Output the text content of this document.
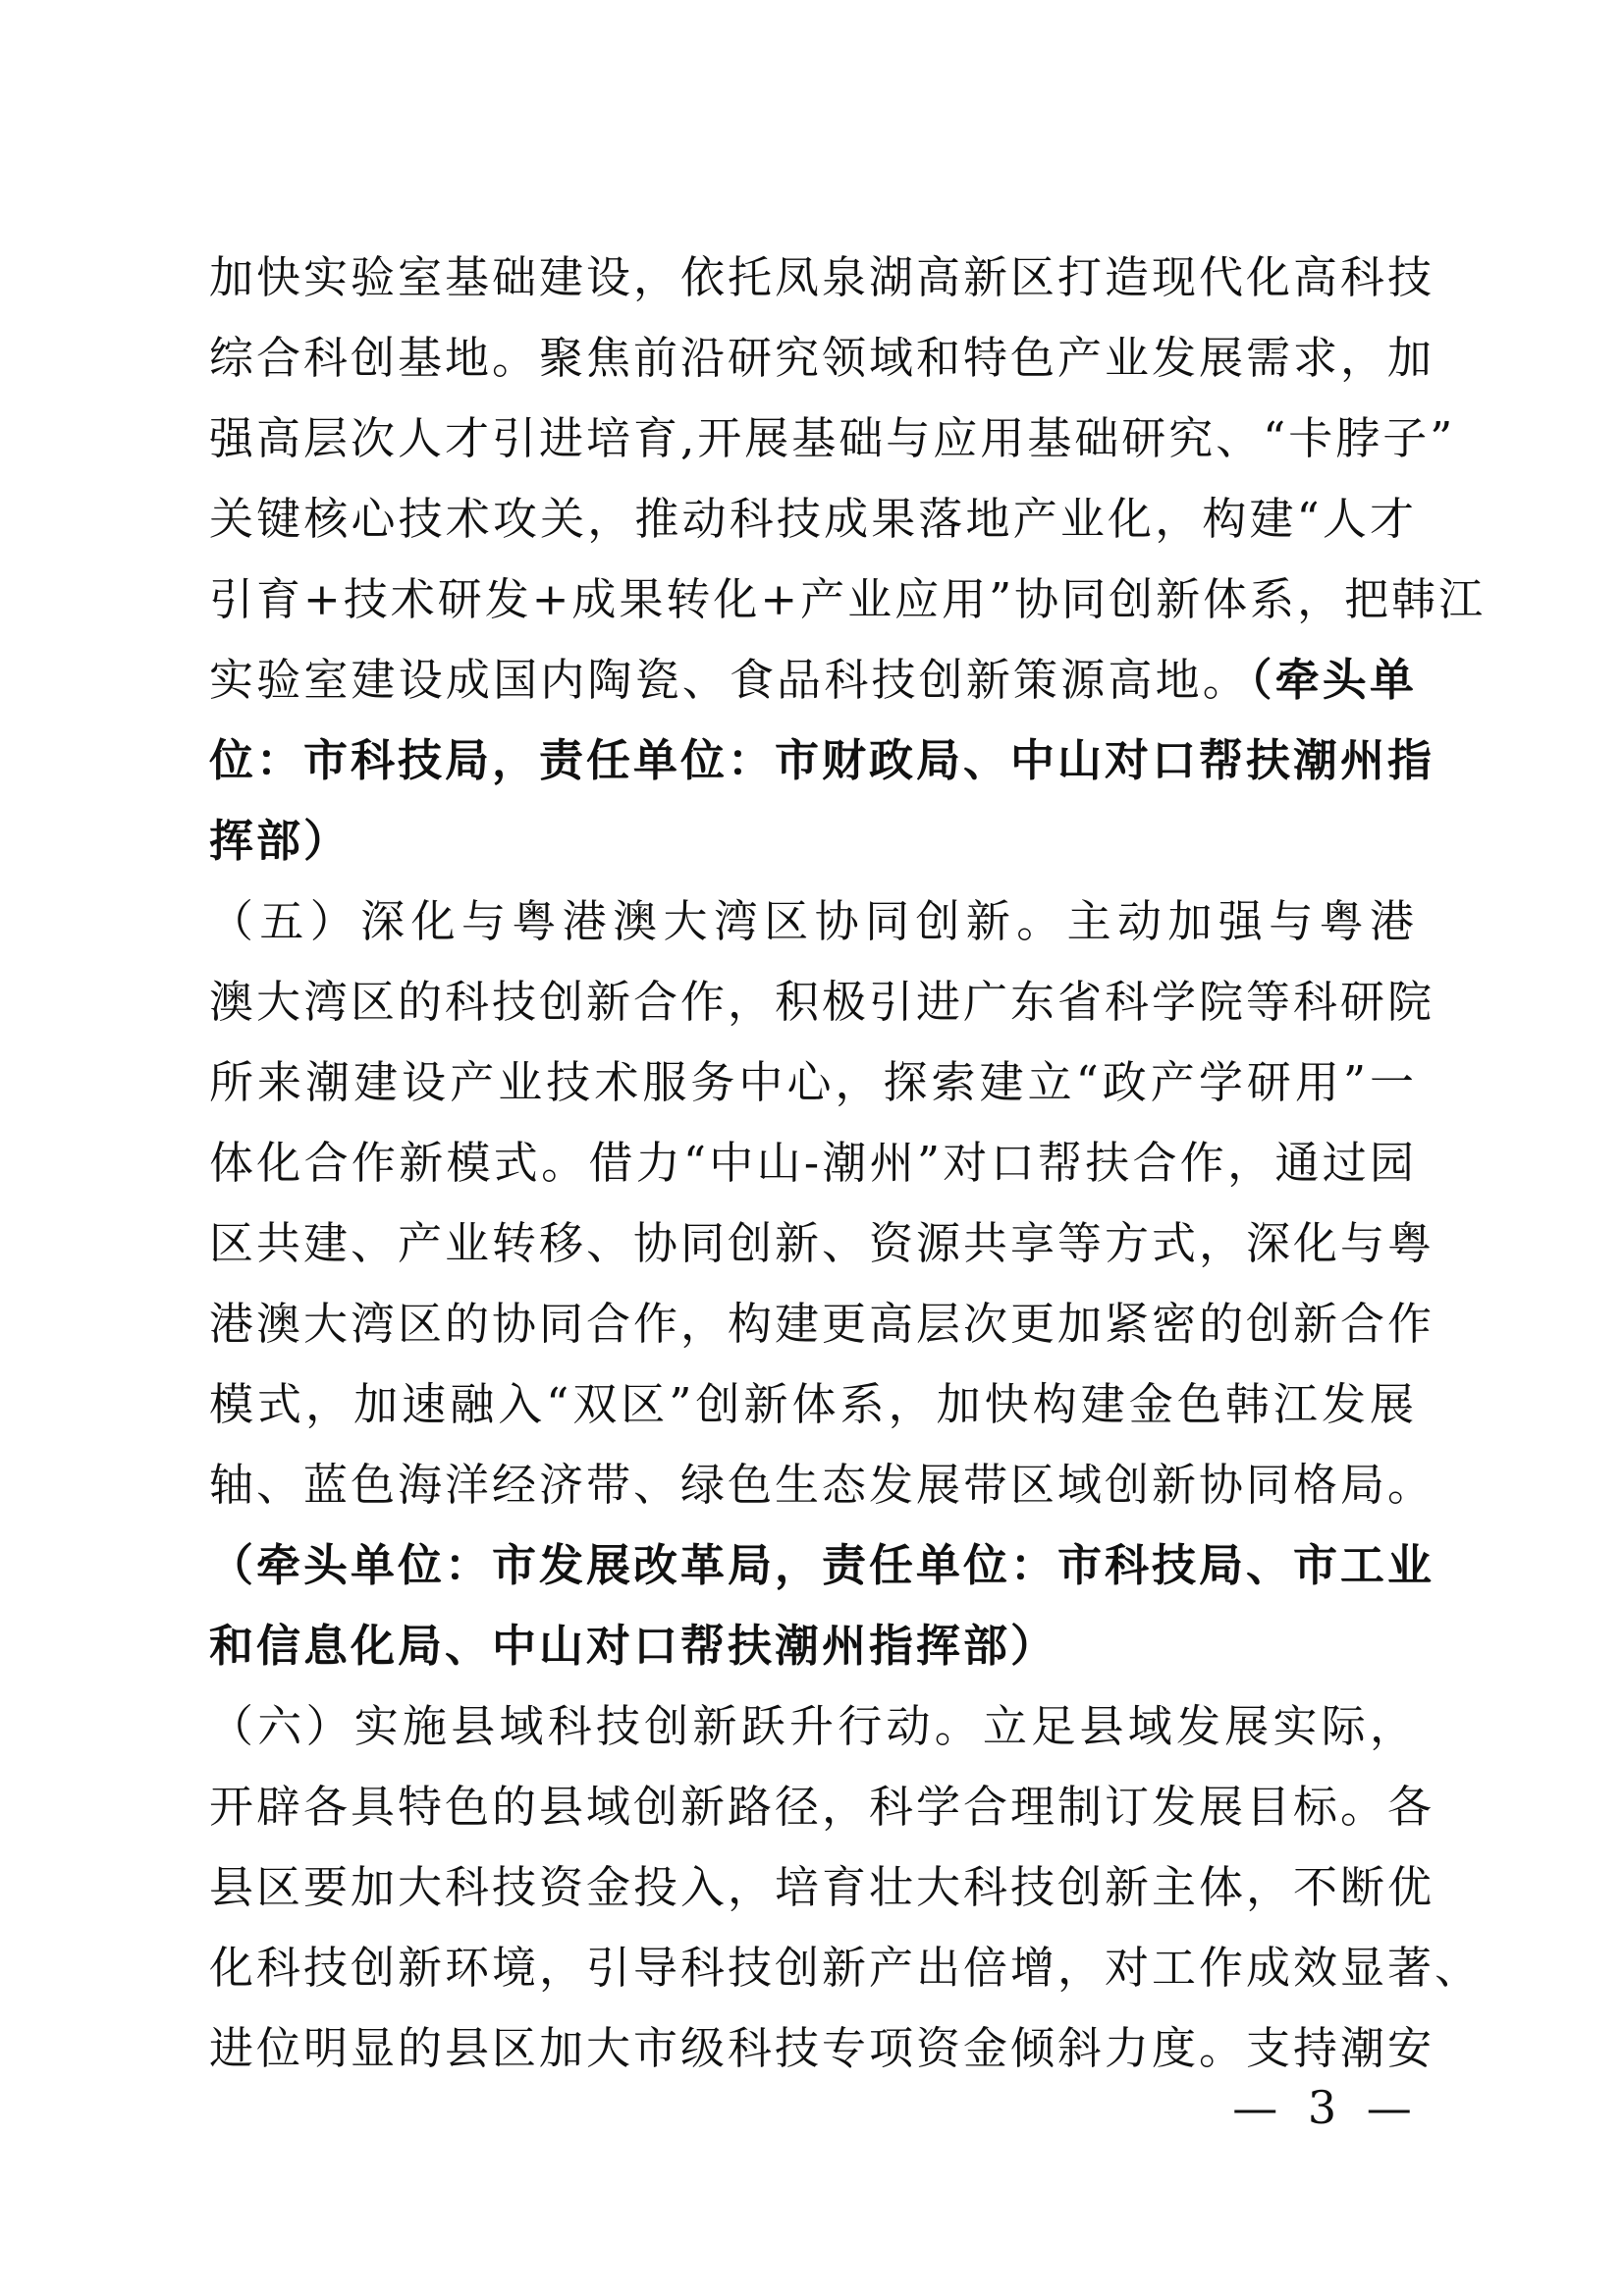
加快实验室基础建设，依托凤泉湖高新区打造现代化高科技
综合科创基地。聚焦前沿研究领域和特色产业发展需求，加
强高层次人才引进培育,开展基础与应用基础研究、“卡脖子”
关键核心技术攻关，推动科技成果落地产业化，构建“人才
引育+技术研发+成果转化+产业应用”协同创新体系，把韩江
实验室建设成国内陶瓷、食品科技创新策源高地。（牵头单
位：市科技局，责任单位：市财政局、中山对口帮扶潮州指
挥部）
（五）深化与粤港澳大湾区协同创新。主动加强与粤港
澳大湾区的科技创新合作，积极引进广东省科学院等科研院
所来潮建设产业技术服务中心，探索建立“政产学研用”一
体化合作新模式。借力“中山-潮州”对口帮扶合作，通过园
区共建、产业转移、协同创新、资源共享等方式，深化与粤
港澳大湾区的协同合作，构建更高层次更加紧密的创新合作
模式，加速融入“双区”创新体系，加快构建金色韩江发展
轴、蓝色海洋经济带、绿色生态发展带区域创新协同格局。
（牵头单位：市发展改革局，责任单位：市科技局、市工业
和信息化局、中山对口帮扶潮州指挥部）
（六）实施县域科技创新跃升行动。立足县域发展实际，
开辟各具特色的县域创新路径，科学合理制订发展目标。各
县区要加大科技资金投入，培育壮大科技创新主体，不断优
化科技创新环境，引导科技创新产出倍增，对工作成效显著、
进位明显的县区加大市级科技专项资金倾斜力度。支持潮安
— 3 —
